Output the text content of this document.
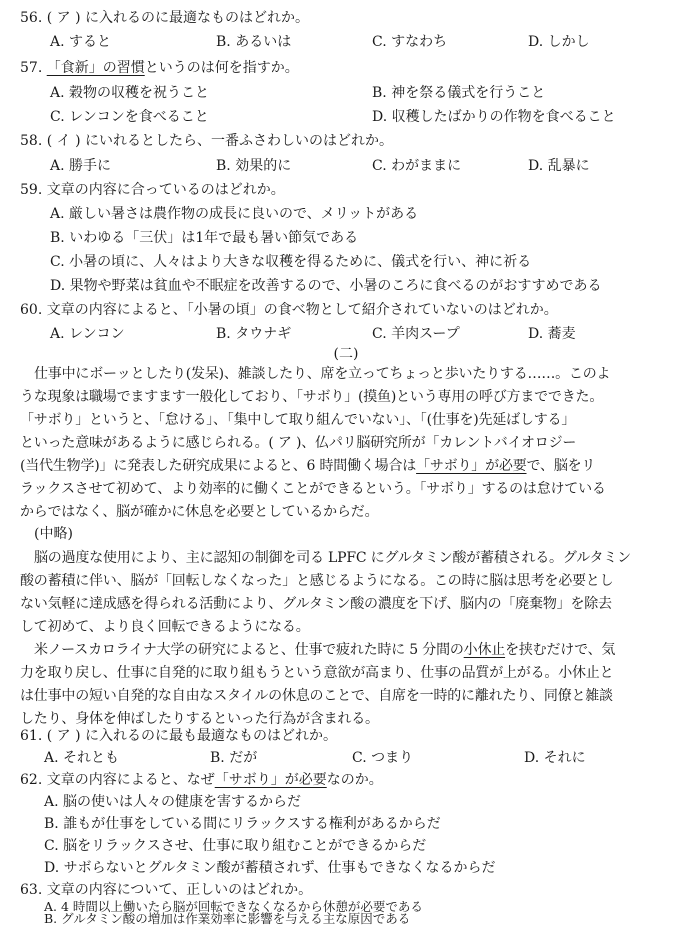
56. ( ア ) に入れるのに最適なものはどれか。
A. すると	B. あるいは	C. すなわち	D. しかし
57. 「食新」の習慣というのは何を指すか。
A. 穀物の収穫を祝うこと	B. 神を祭る儀式を行うこと
C. レンコンを食べること	D. 収穫したばかりの作物を食べること
58. ( イ ) にいれるとしたら、一番ふさわしいのはどれか。
A. 勝手に	B. 効果的に	C. わがままに	D. 乱暴に
59. 文章の内容に合っているのはどれか。
A. 厳しい暑さは農作物の成長に良いので、メリットがある
B. いわゆる「三伏」は1年で最も暑い節気である
C. 小暑の頃に、人々はより大きな収穫を得るために、儀式を行い、神に祈る
D. 果物や野菜は貧血や不眠症を改善するので、小暑のころに食べるのがおすすめである
60. 文章の内容によると、「小暑の頃」の食べ物として紹介されていないのはどれか。
A. レンコン	B. タウナギ	C. 羊肉スープ	D. 蕎麦
(二)
仕事中にボーッとしたり(发呆)、雑談したり、席を立ってちょっと歩いたりする……。このよ
うな現象は職場でますます一般化しており、「サボり」(摸鱼)という専用の呼び方までできた。
「サボり」というと、「怠ける」、「集中して取り組んでいない」、「(仕事を)先延ばしする」
といった意味があるように感じられる。( ア )、仏パリ脳研究所が「カレントバイオロジー
(当代生物学)」に発表した研究成果によると、6 時間働く場合は「サボり」が必要で、脳をリ
ラックスさせて初めて、より効率的に働くことができるという。「サボり」するのは怠けている
からではなく、脳が確かに休息を必要としているからだ。
(中略)
脳の過度な使用により、主に認知の制御を司る LPFC にグルタミン酸が蓄積される。グルタミン
酸の蓄積に伴い、脳が「回転しなくなった」と感じるようになる。この時に脳は思考を必要とし
ない気軽に達成感を得られる活動により、グルタミン酸の濃度を下げ、脳内の「廃棄物」を除去
して初めて、より良く回転できるようになる。
米ノースカロライナ大学の研究によると、仕事で疲れた時に 5 分間の小休止を挟むだけで、気
力を取り戻し、仕事に自発的に取り組もうという意欲が高まり、仕事の品質が上がる。小休止と
は仕事中の短い自発的な自由なスタイルの休息のことで、自席を一時的に離れたり、同僚と雑談
したり、身体を伸ばしたりするといった行為が含まれる。
61. ( ア ) に入れるのに最も最適なものはどれか。
A. それとも	B. だが	C. つまり	D. それに
62. 文章の内容によると、なぜ「サボり」が必要なのか。
A. 脳の使いは人々の健康を害するからだ
B. 誰もが仕事をしている間にリラックスする権利があるからだ
C. 脳をリラックスさせ、仕事に取り組むことができるからだ
D. サボらないとグルタミン酸が蓄積されず、仕事もできなくなるからだ
63. 文章の内容について、正しいのはどれか。
A. 4 時間以上働いたら脳が回転できなくなるから休憩が必要である
B. グルタミン酸の増加は作業効率に影響を与える主な原因である
